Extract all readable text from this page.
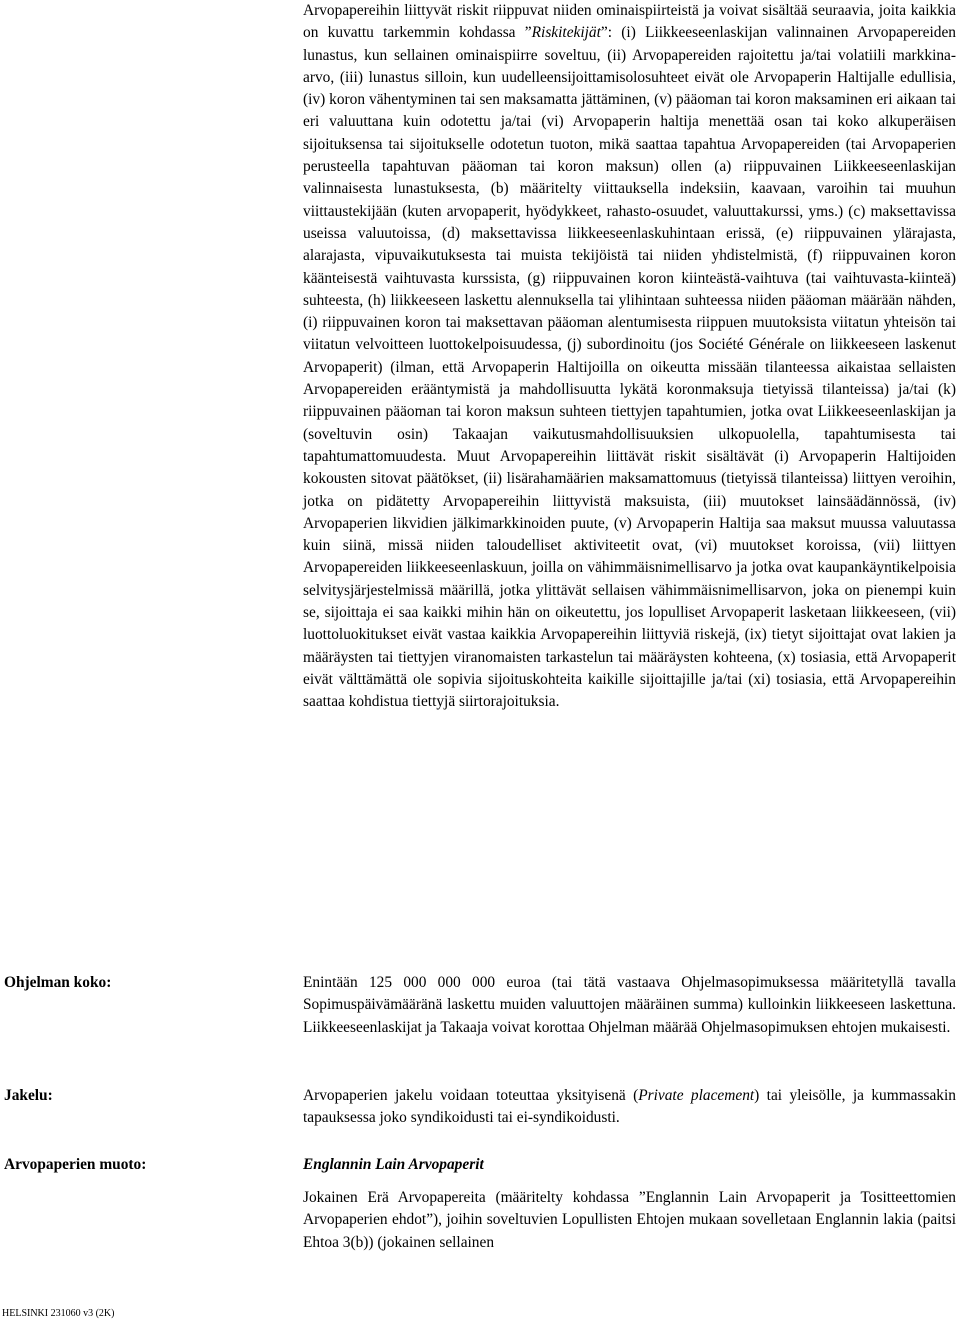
Arvopapereihin liittyvät riskit riippuvat niiden ominaispiirteistä ja voivat sisältää seuraavia, joita kaikkia on kuvattu tarkemmin kohdassa ”Riskitekijät”: (i) Liikkeeseenlaskijan valinnainen Arvopapereiden lunastus, kun sellainen ominaispiirre soveltuu, (ii) Arvopapereiden rajoitettu ja/tai volatiili markkina-arvo, (iii) lunastus silloin, kun uudelleensijoittamisolosuhteet eivät ole Arvopaperin Haltijalle edullisia, (iv) koron vähentyminen tai sen maksamatta jättäminen, (v) pääoman tai koron maksaminen eri aikaan tai eri valuuttana kuin odotettu ja/tai (vi) Arvopaperin haltija menettää osan tai koko alkuperäisen sijoituksensa tai sijoitukselle odotetun tuoton, mikä saattaa tapahtua Arvopapereiden (tai Arvopaperien perusteella tapahtuvan pääoman tai koron maksun) ollen (a) riippuvainen Liikkeeseenlaskijan valinnaisesta lunastuksesta, (b) määritelty viittauksella indeksiin, kaavaan, varoihin tai muuhun viittaustekijään (kuten arvopaperit, hyödykkeet, rahasto-osuudet, valuuttakurssi, yms.) (c) maksettavissa useissa valuutoissa, (d) maksettavissa liikkeeseenlaskuhintaan erissä, (e) riippuvainen ylärajasta, alarajasta, vipuvaikutuksesta tai muista tekijöistä tai niiden yhdistelmistä, (f) riippuvainen koron käänteisestä vaihtuvasta kurssista, (g) riippuvainen koron kiinteästä-vaihtuva (tai vaihtuvasta-kiinteä) suhteesta, (h) liikkeeseen laskettu alennuksella tai ylihintaan suhteessa niiden pääoman määrään nähden, (i) riippuvainen koron tai maksettavan pääoman alentumisesta riippuen muutoksista viitatun yhteisön tai viitatun velvoitteen luottokelpoisuudessa, (j) subordinoitu (jos Société Générale on liikkeeseen laskenut Arvopaperit) (ilman, että Arvopaperin Haltijoilla on oikeutta missään tilanteessa aikaistaa sellaisten Arvopapereiden erääntymistä ja mahdollisuutta lykätä koronmaksuja tietyissä tilanteissa) ja/tai (k) riippuvainen pääoman tai koron maksun suhteen tiettyjen tapahtumien, jotka ovat Liikkeeseenlaskijan ja (soveltuvin osin) Takaajan vaikutusmahdollisuuksien ulkopuolella, tapahtumisesta tai tapahtumattomuudesta. Muut Arvopapereihin liittävät riskit sisältävät (i) Arvopaperin Haltijoiden kokousten sitovat päätökset, (ii) lisärahamäärien maksamattomuus (tietyissä tilanteissa) liittyen veroihin, jotka on pidätetty Arvopapereihin liittyvistä maksuista, (iii) muutokset lainsäädännössä, (iv) Arvopaperien likvidien jälkimarkkinoiden puute, (v) Arvopaperin Haltija saa maksut muussa valuutassa kuin siinä, missä niiden taloudelliset aktiviteetit ovat, (vi) muutokset koroissa, (vii) liittyen Arvopapereiden liikkeeseenlaskuun, joilla on vähimmäisnimellisarvo ja jotka ovat kaupankäyntikelpoisia selvitysjärjestelmissä määrillä, jotka ylittävät sellaisen vähimmäisnimellisarvon, joka on pienempi kuin se, sijoittaja ei saa kaikki mihin hän on oikeutettu, jos lopulliset Arvopaperit lasketaan liikkeeseen, (vii) luottoluokitukset eivät vastaa kaikkia Arvopapereihin liittyviä riskejä, (ix) tietyt sijoittajat ovat lakien ja määräysten tai tiettyjen viranomaisten tarkastelun tai määräysten kohteena, (x) tosiasia, että Arvopaperit eivät välttämättä ole sopivia sijoituskohteita kaikille sijoittajille ja/tai (xi) tosiasia, että Arvopapereihin saattaa kohdistua tiettyjä siirtorajoituksia.

Ohjelman koko:	Enintään 125 000 000 000 euroa (tai tätä vastaava Ohjelmasopimuksessa määritetyllä tavalla Sopimuspäivämääränä laskettu muiden valuuttojen määräinen summa) kulloinkin liikkeeseen laskettuna. Liikkeeseenlaskijat ja Takaaja voivat korottaa Ohjelman määrää Ohjelmasopimuksen ehtojen mukaisesti.

Jakelu:	Arvopaperien jakelu voidaan toteuttaa yksityisenä (Private placement) tai yleisölle, ja kummassakin tapauksessa joko syndikoidusti tai ei-syndikoidusti.

Arvopaperien muoto:	Englannin Lain Arvopaperit

Jokainen Erä Arvopapereita (määritelty kohdassa ”Englannin Lain Arvopaperit ja Tositteettomien Arvopaperien ehdot”), joihin soveltuvien Lopullisten Ehtojen mukaan sovelletaan Englannin lakia (paitsi Ehtoa 3(b)) (jokainen sellainen

HELSINKI 231060 v3 (2K)
